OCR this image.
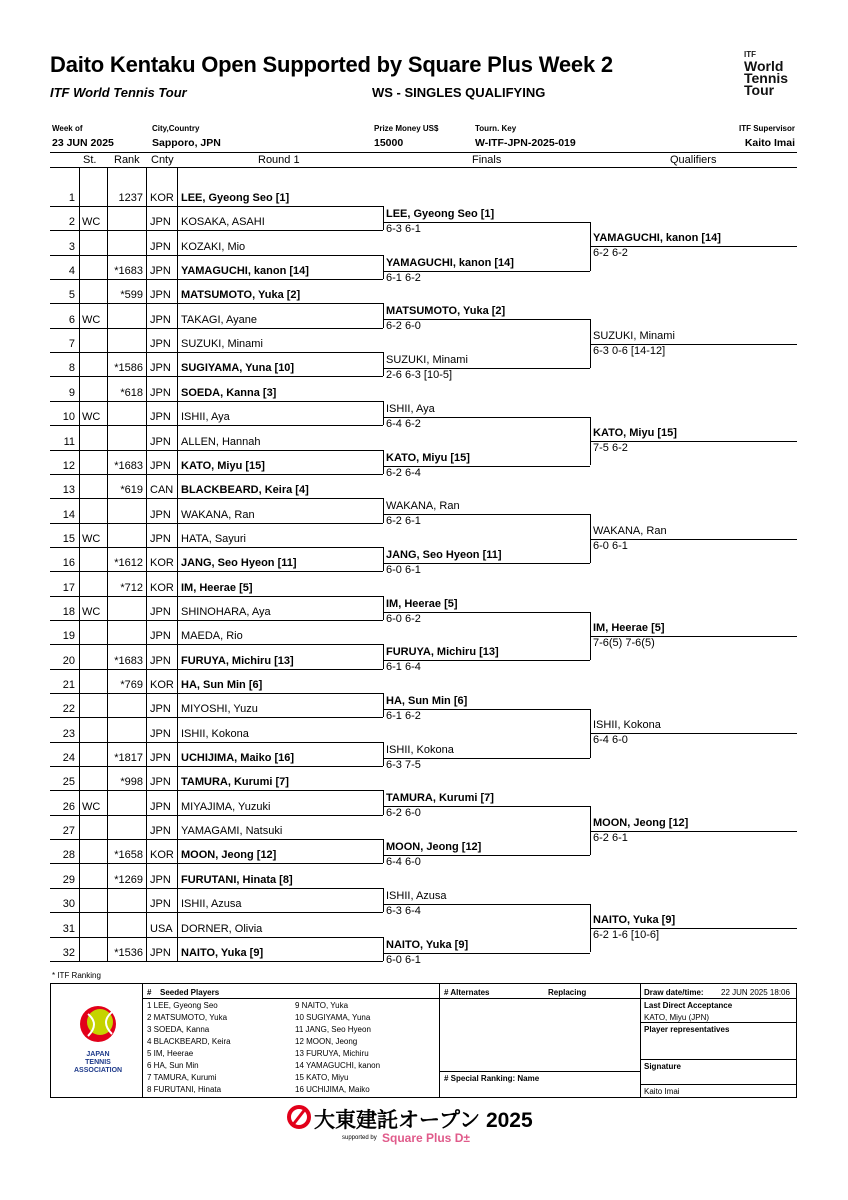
Daito Kentaku Open Supported by Square Plus Week 2
ITF World Tennis Tour	WS - SINGLES QUALIFYING
ITF
World
Tennis
Tour
Week of
23 JUN 2025
City,Country
Sapporo, JPN
Prize Money US$
15000
Tourn. Key
W-ITF-JPN-2025-019
ITF Supervisor
Kaito Imai
St. Rank Cnty	Round 1	Finals	Qualifiers
1	1237 KOR LEE, Gyeong Seo [1]
2 WC	JPN KOSAKA, ASAHI
3	JPN KOZAKI, Mio
4	*1683 JPN YAMAGUCHI, kanon [14]
5	*599 JPN MATSUMOTO, Yuka [2]
6 WC	JPN TAKAGI, Ayane
7	JPN SUZUKI, Minami
8	*1586 JPN SUGIYAMA, Yuna [10]
9	*618 JPN SOEDA, Kanna [3]
10 WC	JPN ISHII, Aya
11	JPN ALLEN, Hannah
12	*1683 JPN KATO, Miyu [15]
13	*619 CAN BLACKBEARD, Keira [4]
14	JPN WAKANA, Ran
15 WC	JPN HATA, Sayuri
16	*1612 KOR JANG, Seo Hyeon [11]
17	*712 KOR IM, Heerae [5]
18 WC	JPN SHINOHARA, Aya
19	JPN MAEDA, Rio
20	*1683 JPN FURUYA, Michiru [13]
21	*769 KOR HA, Sun Min [6]
22	JPN MIYOSHI, Yuzu
23	JPN ISHII, Kokona
24	*1817 JPN UCHIJIMA, Maiko [16]
25	*998 JPN TAMURA, Kurumi [7]
26 WC	JPN MIYAJIMA, Yuzuki
27	JPN YAMAGAMI, Natsuki
28	*1658 KOR MOON, Jeong [12]
29	*1269 JPN FURUTANI, Hinata [8]
30	JPN ISHII, Azusa
31	USA DORNER, Olivia
32	*1536 JPN NAITO, Yuka [9]
LEE, Gyeong Seo [1]
6-3 6-1
YAMAGUCHI, kanon [14]
6-1 6-2
MATSUMOTO, Yuka [2]
6-2 6-0
SUZUKI, Minami
2-6 6-3 [10-5]
ISHII, Aya
6-4 6-2
KATO, Miyu [15]
6-2 6-4
WAKANA, Ran
6-2 6-1
JANG, Seo Hyeon [11]
6-0 6-1
IM, Heerae [5]
6-0 6-2
FURUYA, Michiru [13]
6-1 6-4
HA, Sun Min [6]
6-1 6-2
ISHII, Kokona
6-3 7-5
TAMURA, Kurumi [7]
6-2 6-0
MOON, Jeong [12]
6-4 6-0
ISHII, Azusa
6-3 6-4
NAITO, Yuka [9]
6-0 6-1
YAMAGUCHI, kanon [14]
6-2 6-2
SUZUKI, Minami
6-3 0-6 [14-12]
KATO, Miyu [15]
7-5 6-2
WAKANA, Ran
6-0 6-1
IM, Heerae [5]
7-6(5) 7-6(5)
ISHII, Kokona
6-4 6-0
MOON, Jeong [12]
6-2 6-1
NAITO, Yuka [9]
6-2 1-6 [10-6]
* ITF Ranking
JAPAN
TENNIS
ASSOCIATION
# Seeded Players
1 LEE, Gyeong Seo
2 MATSUMOTO, Yuka
3 SOEDA, Kanna
4 BLACKBEARD, Keira
5 IM, Heerae
6 HA, Sun Min
7 TAMURA, Kurumi
8 FURUTANI, Hinata
9 NAITO, Yuka
10 SUGIYAMA, Yuna
11 JANG, Seo Hyeon
12 MOON, Jeong
13 FURUYA, Michiru
14 YAMAGUCHI, kanon
15 KATO, Miyu
16 UCHIJIMA, Maiko
# Alternates	Replacing
# Special Ranking: Name
Draw date/time: 22 JUN 2025 18:06
Last Direct Acceptance
KATO, Miyu (JPN)
Player representatives
Signature
Kaito Imai
大東建託オープン 2025
supported by Square Plus D±
